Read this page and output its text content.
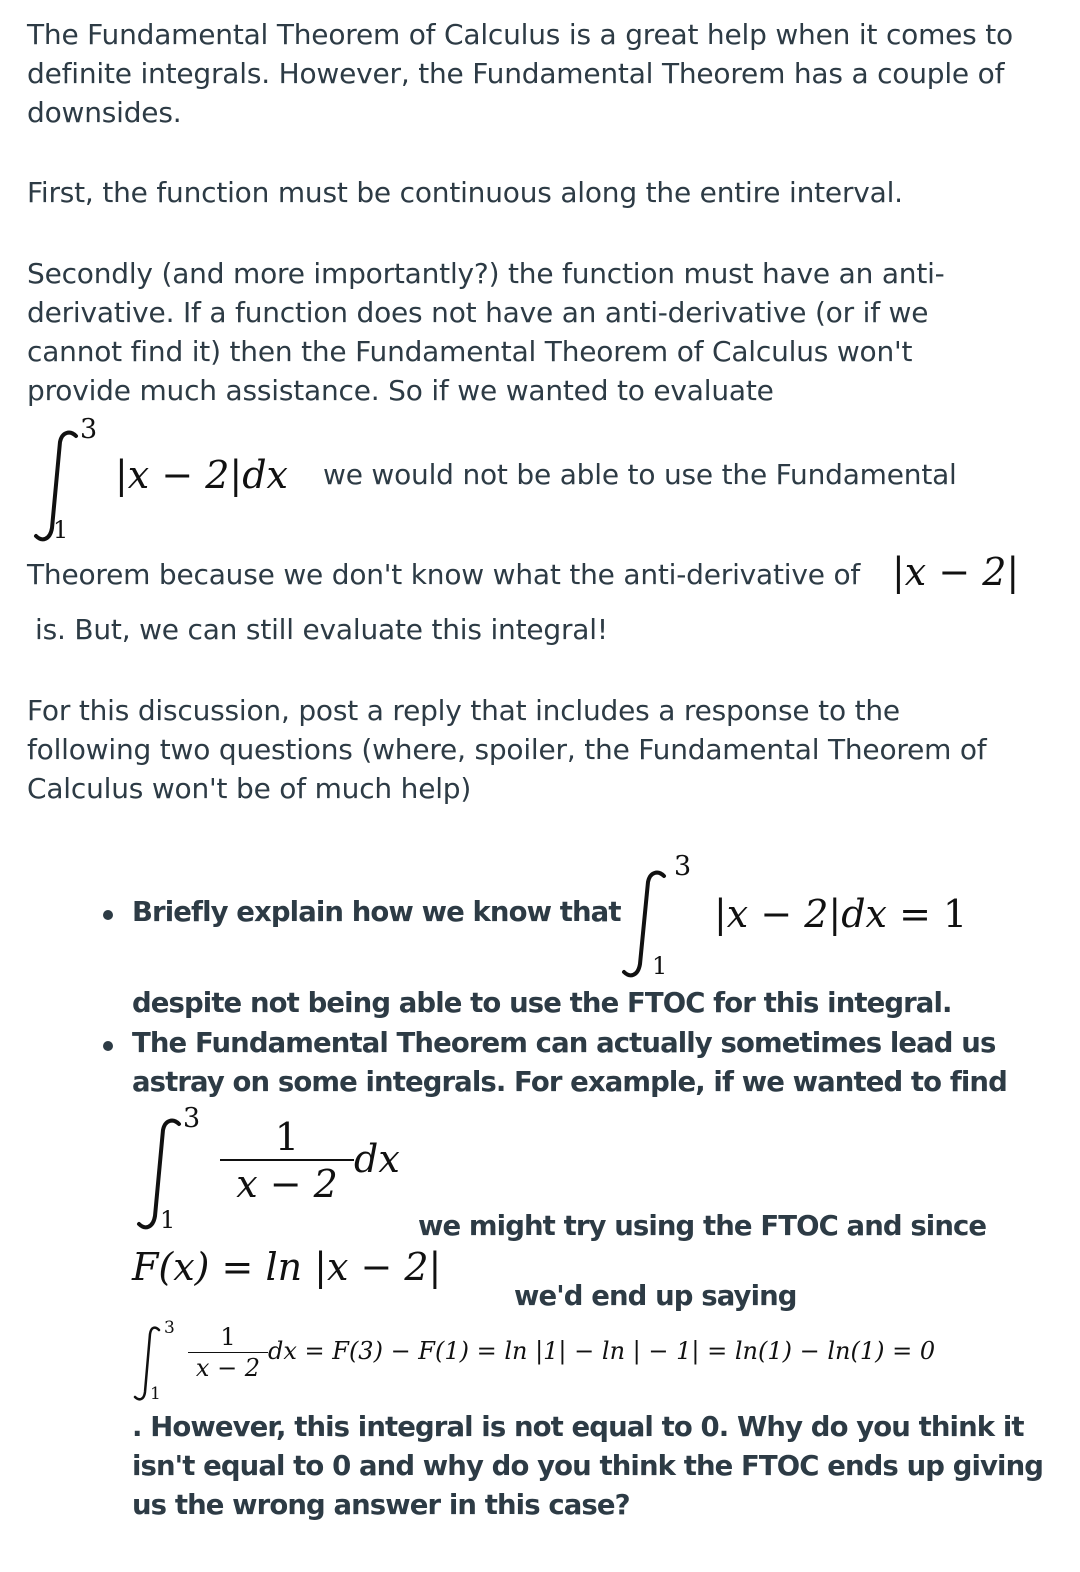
The Fundamental Theorem of Calculus is a great help when it comes to
definite integrals. However, the Fundamental Theorem has a couple of
downsides.
First, the function must be continuous along the entire interval.
Secondly (and more importantly?) the function must have an anti-
derivative. If a function does not have an anti-derivative (or if we
cannot find it) then the Fundamental Theorem of Calculus won't
provide much assistance. So if we wanted to evaluate
3
1
|x − 2|dx we would not be able to use the Fundamental
Theorem because we don't know what the anti-derivative of |x − 2|
is. But, we can still evaluate this integral!
For this discussion, post a reply that includes a response to the
following two questions (where, spoiler, the Fundamental Theorem of
Calculus won't be of much help)
Briefly explain how we know that
3
1
|x − 2|dx = 1
despite not being able to use the FTOC for this integral.
The Fundamental Theorem can actually sometimes lead us
astray on some integrals. For example, if we wanted to find
3
1
$\frac{1}{x - 2}$ dx
we might try using the FTOC and since
F(x) = ln |x − 2|
we'd end up saying
3
1
$\frac{1}{x - 2}$ dx = F(3) − F(1) = ln |1| − ln | − 1| = ln(1) − ln(1) = 0
. However, this integral is not equal to 0. Why do you think it
isn't equal to 0 and why do you think the FTOC ends up giving
us the wrong answer in this case?
